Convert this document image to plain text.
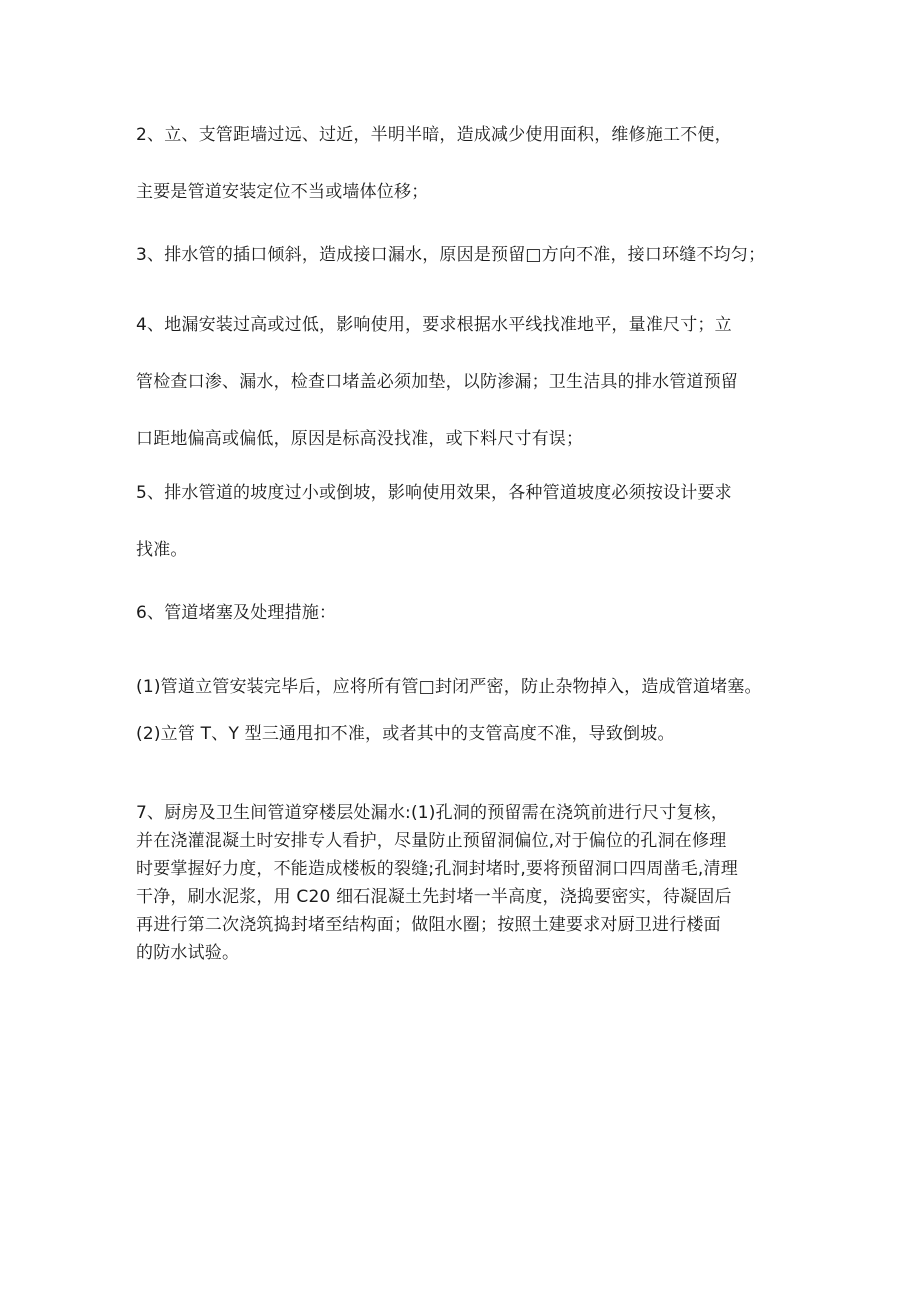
2、立、支管距墙过远、过近，半明半暗，造成减少使用面积，维修施工不便，
主要是管道安装定位不当或墙体位移；
3、排水管的插口倾斜，造成接口漏水，原因是预留□方向不准，接口环缝不均匀；
4、地漏安装过高或过低，影响使用，要求根据水平线找准地平，量准尺寸；立
管检查口渗、漏水，检查口堵盖必须加垫，以防渗漏；卫生洁具的排水管道预留
口距地偏高或偏低，原因是标高没找准，或下料尺寸有误；
5、排水管道的坡度过小或倒坡，影响使用效果，各种管道坡度必须按设计要求
找准。
6、管道堵塞及处理措施：
(1)管道立管安装完毕后，应将所有管□封闭严密，防止杂物掉入，造成管道堵塞。
(2)立管 T、Y 型三通甩扣不准，或者其中的支管高度不准，导致倒坡。
7、厨房及卫生间管道穿楼层处漏水:(1)孔洞的预留需在浇筑前进行尺寸复核，
并在浇灌混凝土时安排专人看护，尽量防止预留洞偏位,对于偏位的孔洞在修理
时要掌握好力度，不能造成楼板的裂缝;孔洞封堵时,要将预留洞口四周凿毛,清理
干净，刷水泥浆，用 C20 细石混凝土先封堵一半高度，浇捣要密实，待凝固后
再进行第二次浇筑捣封堵至结构面；做阻水圈；按照土建要求对厨卫进行楼面
的防水试验。
